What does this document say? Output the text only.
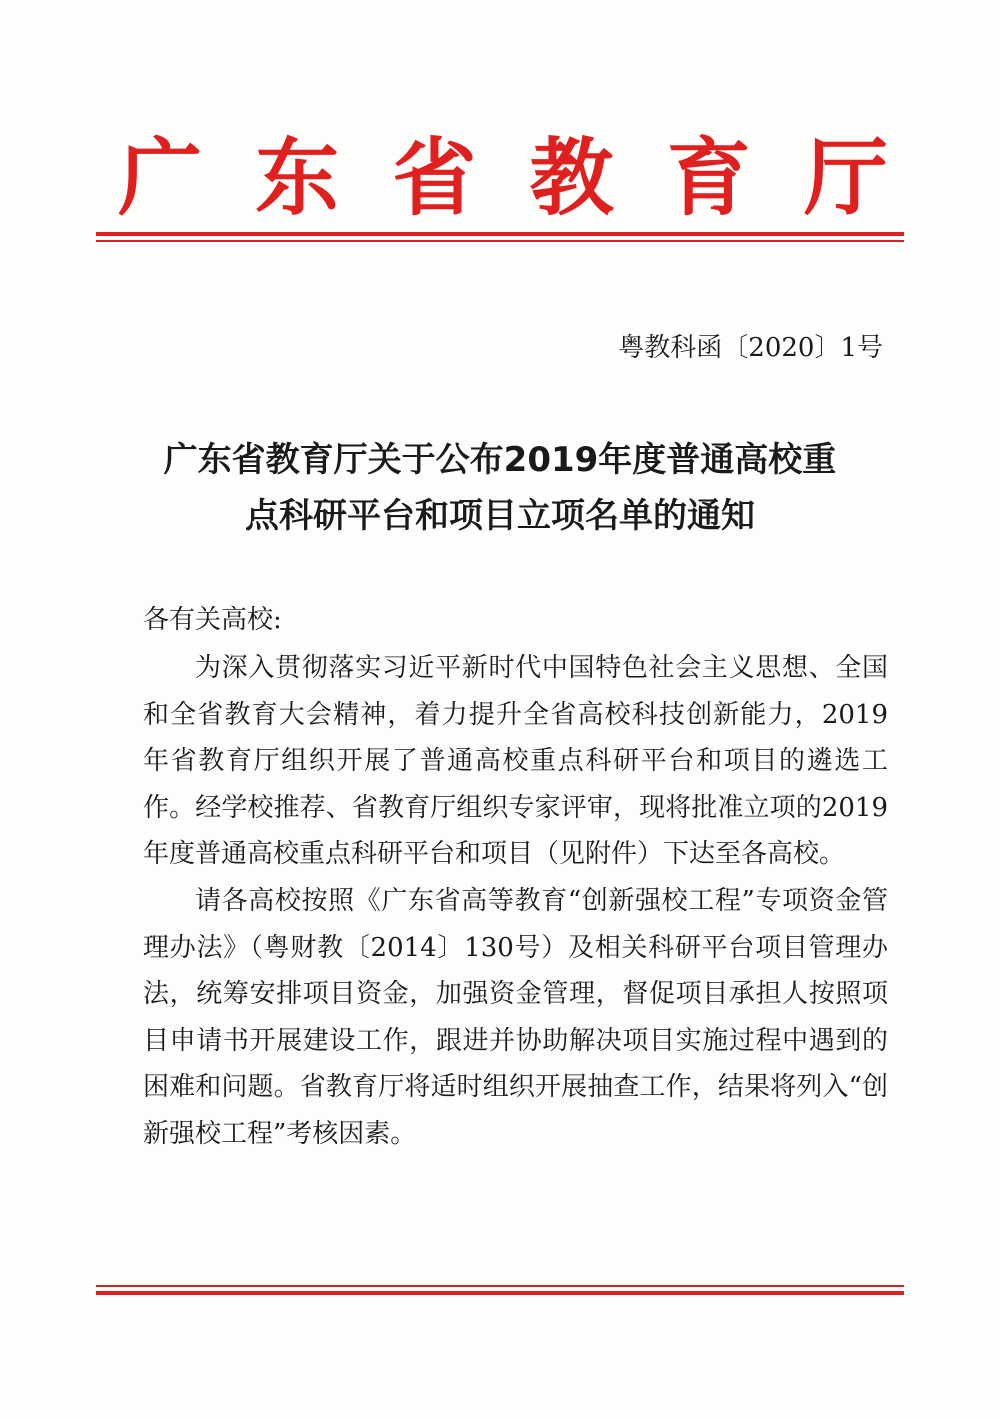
广 东 省 教 育 厅
粤教科函〔2020〕1号
广东省教育厅关于公布2019年度普通高校重
点科研平台和项目立项名单的通知
各有关高校:
为深入贯彻落实习近平新时代中国特色社会主义思想、全国
和全省教育大会精神，着力提升全省高校科技创新能力，2019
年省教育厅组织开展了普通高校重点科研平台和项目的遴选工
作。经学校推荐、省教育厅组织专家评审，现将批准立项的2019
年度普通高校重点科研平台和项目（见附件）下达至各高校。
请各高校按照《广东省高等教育“创新强校工程”专项资金管
理办法》（粤财教〔2014〕130号）及相关科研平台项目管理办
法，统筹安排项目资金，加强资金管理，督促项目承担人按照项
目申请书开展建设工作，跟进并协助解决项目实施过程中遇到的
困难和问题。省教育厅将适时组织开展抽查工作，结果将列入“创
新强校工程”考核因素。
